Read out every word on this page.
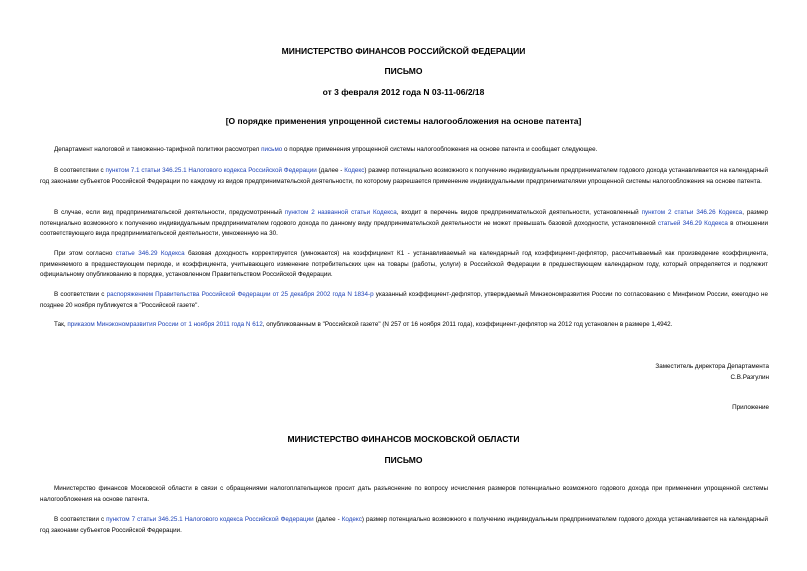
МИНИСТЕРСТВО ФИНАНСОВ РОССИЙСКОЙ ФЕДЕРАЦИИ
ПИСЬМО
от 3 февраля 2012 года N 03-11-06/2/18
[О порядке применения упрощенной системы налогообложения на основе патента]
Департамент налоговой и таможенно-тарифной политики рассмотрел письмо о порядке применения упрощенной системы налогообложения на основе патента и сообщает следующее.
В соответствии с пунктом 7.1 статьи 346.25.1 Налогового кодекса Российской Федерации (далее - Кодекс) размер потенциально возможного к получению индивидуальным предпринимателем годового дохода устанавливается на календарный год законами субъектов Российской Федерации по каждому из видов предпринимательской деятельности, по которому разрешается применение индивидуальными предпринимателями упрощенной системы налогообложения на основе патента.
В случае, если вид предпринимательской деятельности, предусмотренный пунктом 2 названной статьи Кодекса, входит в перечень видов предпринимательской деятельности, установленный пунктом 2 статьи 346.26 Кодекса, размер потенциально возможного к получению индивидуальным предпринимателем годового дохода по данному виду предпринимательской деятельности не может превышать базовой доходности, установленной статьей 346.29 Кодекса в отношении соответствующего вида предпринимательской деятельности, умноженную на 30.
При этом согласно статье 346.29 Кодекса базовая доходность корректируется (умножается) на коэффициент К1 - устанавливаемый на календарный год коэффициент-дефлятор, рассчитываемый как произведение коэффициента, применяемого в предшествующем периоде, и коэффициента, учитывающего изменение потребительских цен на товары (работы, услуги) в Российской Федерации в предшествующем календарном году, который определяется и подлежит официальному опубликованию в порядке, установленном Правительством Российской Федерации.
В соответствии с распоряжением Правительства Российской Федерации от 25 декабря 2002 года N 1834-р указанный коэффициент-дефлятор, утверждаемый Минэкономразвития России по согласованию с Минфином России, ежегодно не позднее 20 ноября публикуется в "Российской газете".
Так, приказом Минэкономразвития России от 1 ноября 2011 года N 612, опубликованным в "Российской газете" (N 257 от 16 ноября 2011 года), коэффициент-дефлятор на 2012 год установлен в размере 1,4942.
Заместитель директора Департамента
С.В.Разгулин
Приложение
МИНИСТЕРСТВО ФИНАНСОВ МОСКОВСКОЙ ОБЛАСТИ
ПИСЬМО
Министерство финансов Московской области в связи с обращениями налогоплательщиков просит дать разъяснение по вопросу исчисления размеров потенциально возможного годового дохода при применении упрощенной системы налогообложения на основе патента.
В соответствии с пунктом 7 статьи 346.25.1 Налогового кодекса Российской Федерации (далее - Кодекс) размер потенциально возможного к получению индивидуальным предпринимателем годового дохода устанавливается на календарный год законами субъектов Российской Федерации.
